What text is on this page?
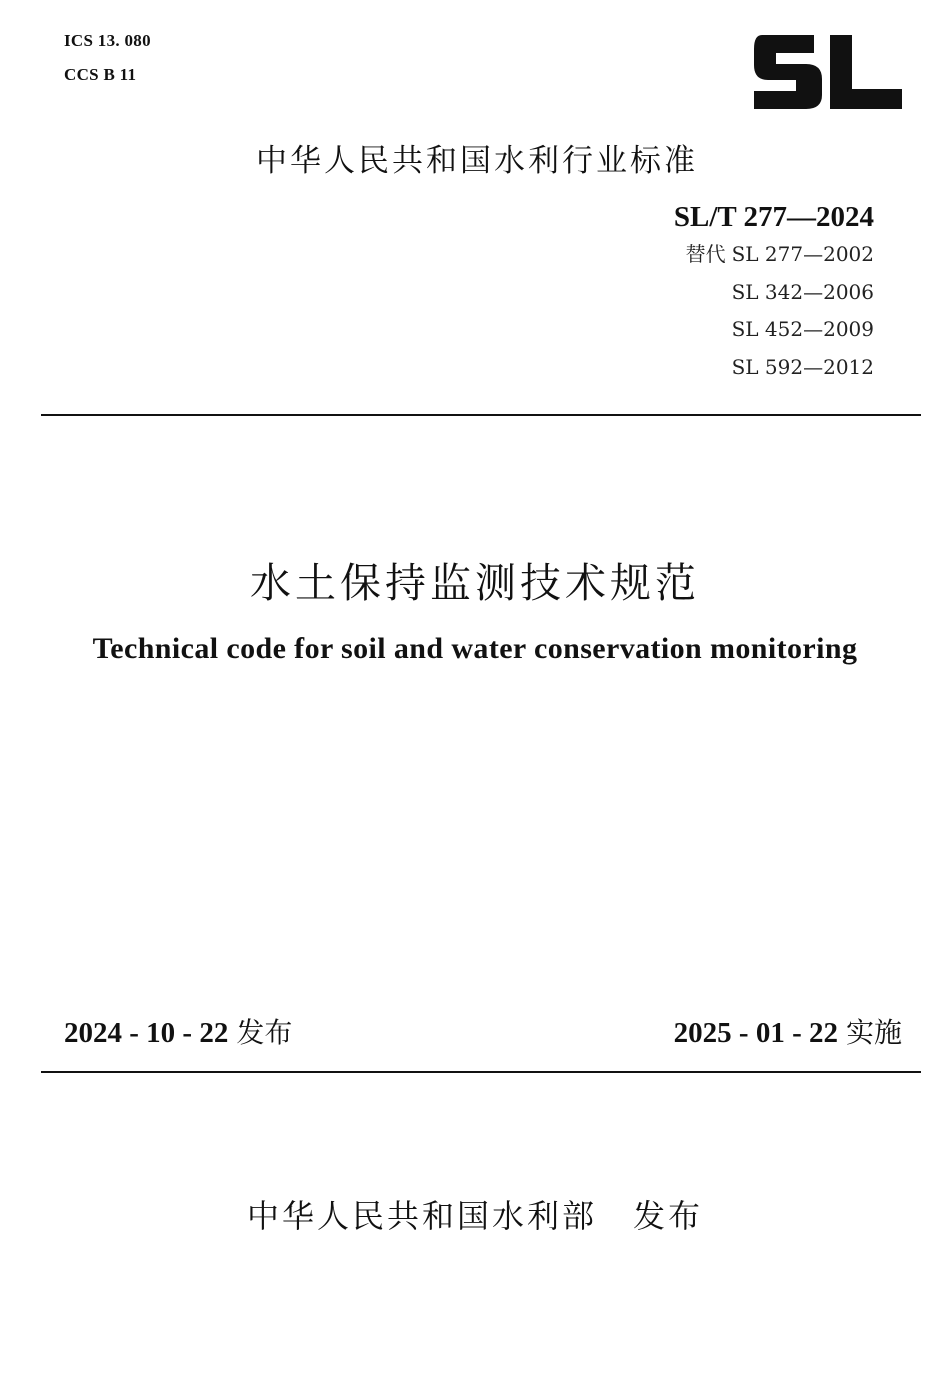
ICS 13. 080
CCS B 11
中华人民共和国水利行业标准
SL/T 277—2024
替代 SL 277—2002
SL 342—2006
SL 452—2009
SL 592—2012
水土保持监测技术规范
Technical code for soil and water conservation monitoring
2024 - 10 - 22 发布	2025 - 01 - 22 实施
中华人民共和国水利部 发布
